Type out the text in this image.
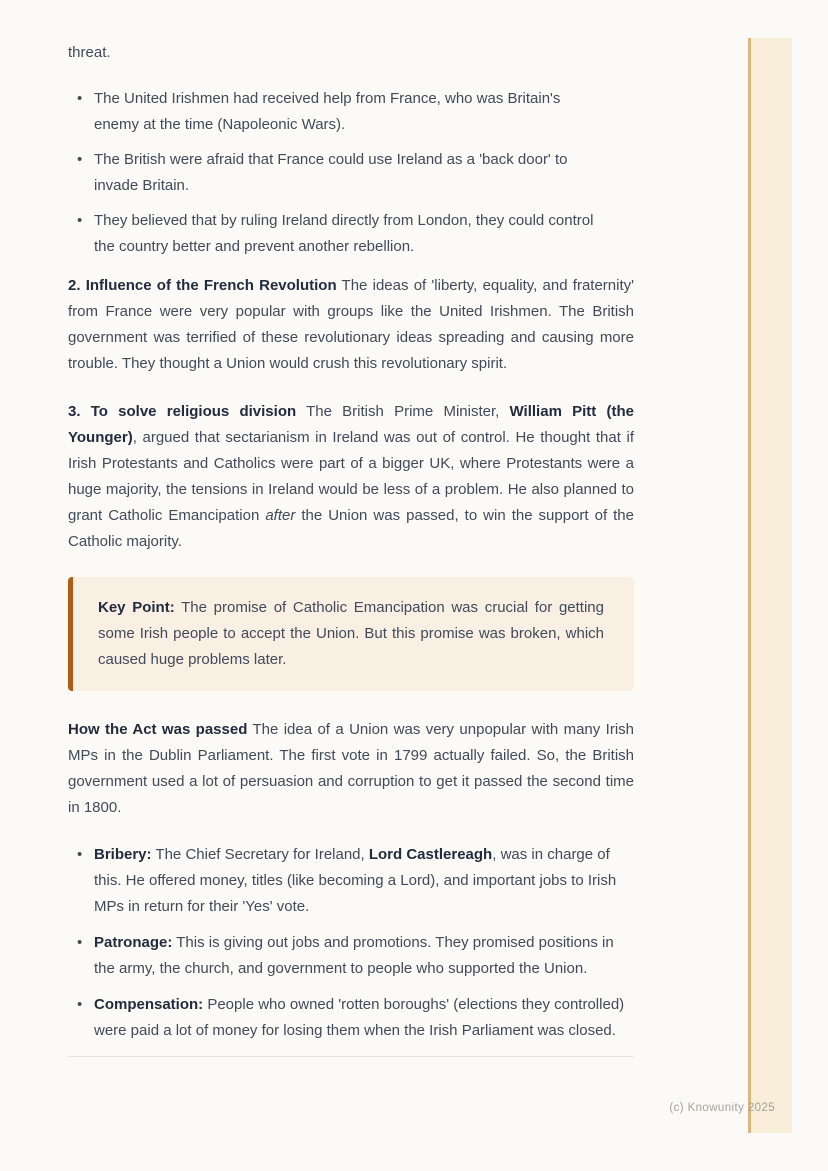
threat.

• The United Irishmen had received help from France, who was Britain's enemy at the time (Napoleonic Wars).
• The British were afraid that France could use Ireland as a 'back door' to invade Britain.
• They believed that by ruling Ireland directly from London, they could control the country better and prevent another rebellion.

2. Influence of the French Revolution The ideas of 'liberty, equality, and fraternity' from France were very popular with groups like the United Irishmen. The British government was terrified of these revolutionary ideas spreading and causing more trouble. They thought a Union would crush this revolutionary spirit.

3. To solve religious division The British Prime Minister, William Pitt (the Younger), argued that sectarianism in Ireland was out of control. He thought that if Irish Protestants and Catholics were part of a bigger UK, where Protestants were a huge majority, the tensions in Ireland would be less of a problem. He also planned to grant Catholic Emancipation after the Union was passed, to win the support of the Catholic majority.

Key Point: The promise of Catholic Emancipation was crucial for getting some Irish people to accept the Union. But this promise was broken, which caused huge problems later.

How the Act was passed The idea of a Union was very unpopular with many Irish MPs in the Dublin Parliament. The first vote in 1799 actually failed. So, the British government used a lot of persuasion and corruption to get it passed the second time in 1800.

• Bribery: The Chief Secretary for Ireland, Lord Castlereagh, was in charge of this. He offered money, titles (like becoming a Lord), and important jobs to Irish MPs in return for their 'Yes' vote.
• Patronage: This is giving out jobs and promotions. They promised positions in the army, the church, and government to people who supported the Union.
• Compensation: People who owned 'rotten boroughs' (elections they controlled) were paid a lot of money for losing them when the Irish Parliament was closed.
(c) Knowunity 2025
